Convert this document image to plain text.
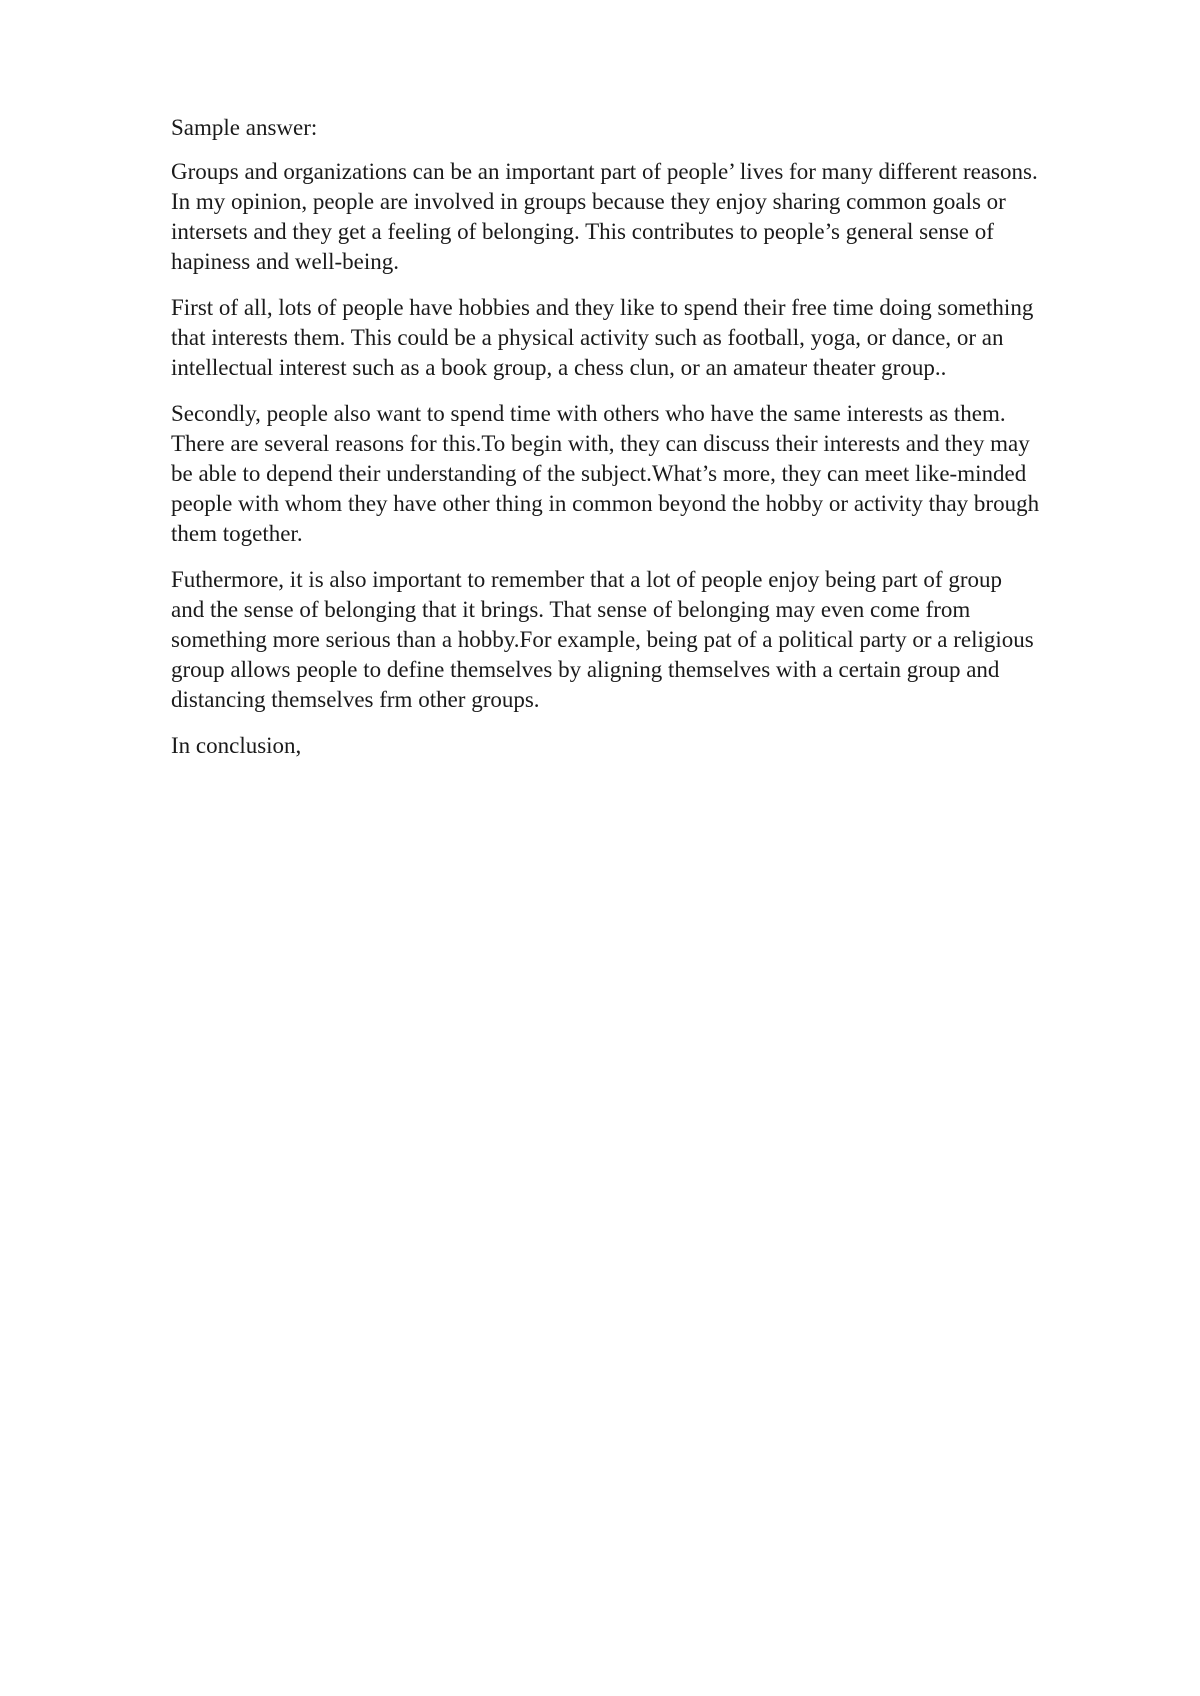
Sample answer:

Groups and organizations can be an important part of people’ lives for many different reasons.
In my opinion, people are involved in groups because they enjoy sharing common goals or
intersets and they get a feeling of belonging. This contributes to people’s general sense of
hapiness and well-being.

First of all, lots of people have hobbies and they like to spend their free time doing something
that interests them. This could be a physical activity such as football, yoga, or dance, or an
intellectual interest such as a book group, a chess clun, or an amateur theater group..

Secondly, people also want to spend time with others who have the same interests as them.
There are several reasons for this.To begin with, they can discuss their interests and they may
be able to depend their understanding of the subject.What’s more, they can meet like-minded
people with whom they have other thing in common beyond the hobby or activity thay brough
them together.

Futhermore, it is also important to remember that a lot of people enjoy being part of group
and the sense of belonging that it brings. That sense of belonging may even come from
something more serious than a hobby.For example, being pat of a political party or a religious
group allows people to define themselves by aligning themselves with a certain group and
distancing themselves frm other groups.

In conclusion,
